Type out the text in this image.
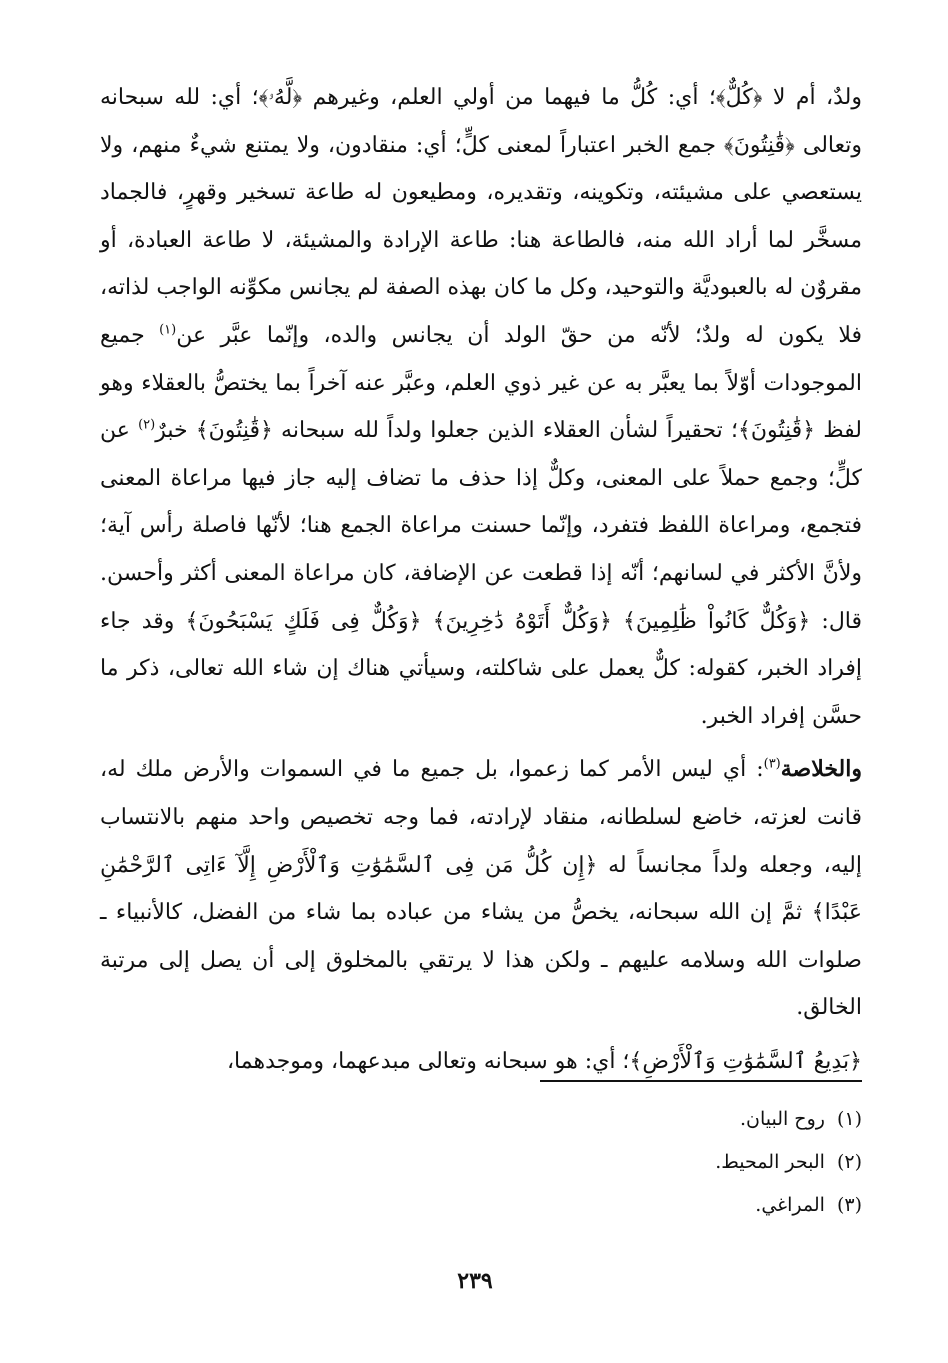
ولدٌ، أم لا ﴿كُلٌّ﴾؛ أي: كُلُّ ما فيهما من أولي العلم، وغيرهم ﴿لَّهُۥ﴾؛ أي: لله سبحانه وتعالى ﴿قَٰنِتُونَ﴾ جمع الخبر اعتباراً لمعنى كلٍّ؛ أي: منقادون، ولا يمتنع شيءٌ منهم، ولا يستعصي على مشيئته، وتكوينه، وتقديره، ومطيعون له طاعة تسخير وقهرٍ، فالجماد مسخَّر لما أراد الله منه، فالطاعة هنا: طاعة الإرادة والمشيئة، لا طاعة العبادة، أو مقروٌن له بالعبوديَّة والتوحيد، وكل ما كان بهذه الصفة لم يجانس مكوِّنه الواجب لذاته، فلا يكون له ولدٌ؛ لأنّه من حقّ الولد أن يجانس والده، وإنّما عبَّر عن$^{(١)}$ جميع الموجودات أوّلاً بما يعبَّر به عن غير ذوي العلم، وعبَّر عنه آخراً بما يختصُّ بالعقلاء وهو لفظ ﴿قَٰنِتُونَ﴾؛ تحقيراً لشأن العقلاء الذين جعلوا ولداً لله سبحانه ﴿قَٰنِتُونَ﴾ خبرٌ$^{(٢)}$ عن كلٍّ؛ وجمع حملاً على المعنى، وكلٌّ إذا حذف ما تضاف إليه جاز فيها مراعاة المعنى فتجمع، ومراعاة اللفظ فتفرد، وإنّما حسنت مراعاة الجمع هنا؛ لأنّها فاصلة رأس آية؛ ولأنَّ الأكثر في لسانهم؛ أنّه إذا قطعت عن الإضافة، كان مراعاة المعنى أكثر وأحسن. قال: ﴿وَكُلٌّ كَانُواْ ظَٰلِمِينَ﴾ ﴿وَكُلٌّ أَتَوْهُ دَٰخِرِينَ﴾ ﴿وَكُلٌّ فِى فَلَكٍ يَسْبَحُونَ﴾ وقد جاء إفراد الخبر، كقوله: كلٌّ يعمل على شاكلته، وسيأتي هناك إن شاء الله تعالى، ذكر ما حسَّن إفراد الخبر.

والخلاصة$^{(٣)}$: أي ليس الأمر كما زعموا، بل جميع ما في السموات والأرض ملك له، قانت لعزته، خاضع لسلطانه، منقاد لإرادته، فما وجه تخصيص واحد منهم بالانتساب إليه، وجعله ولداً مجانساً له ﴿إِن كُلُّ مَن فِى ٱلسَّمَٰوَٰتِ وَٱلْأَرْضِ إِلَّآ ءَاتِى ٱلرَّحْمَٰنِ عَبْدًا﴾ ثمَّ إن الله سبحانه، يخصُّ من يشاء من عباده بما شاء من الفضل، كالأنبياء ـ صلوات الله وسلامه عليهم ـ ولكن هذا لا يرتقي بالمخلوق إلى أن يصل إلى مرتبة الخالق.

﴿بَدِيعُ ٱلسَّمَٰوَٰتِ وَٱلْأَرْضِ﴾؛ أي: هو سبحانه وتعالى مبدعهما، وموجدهما،

(١)روح البيان.

(٢)البحر المحيط.

(٣)المراغي.

٢٣٩
